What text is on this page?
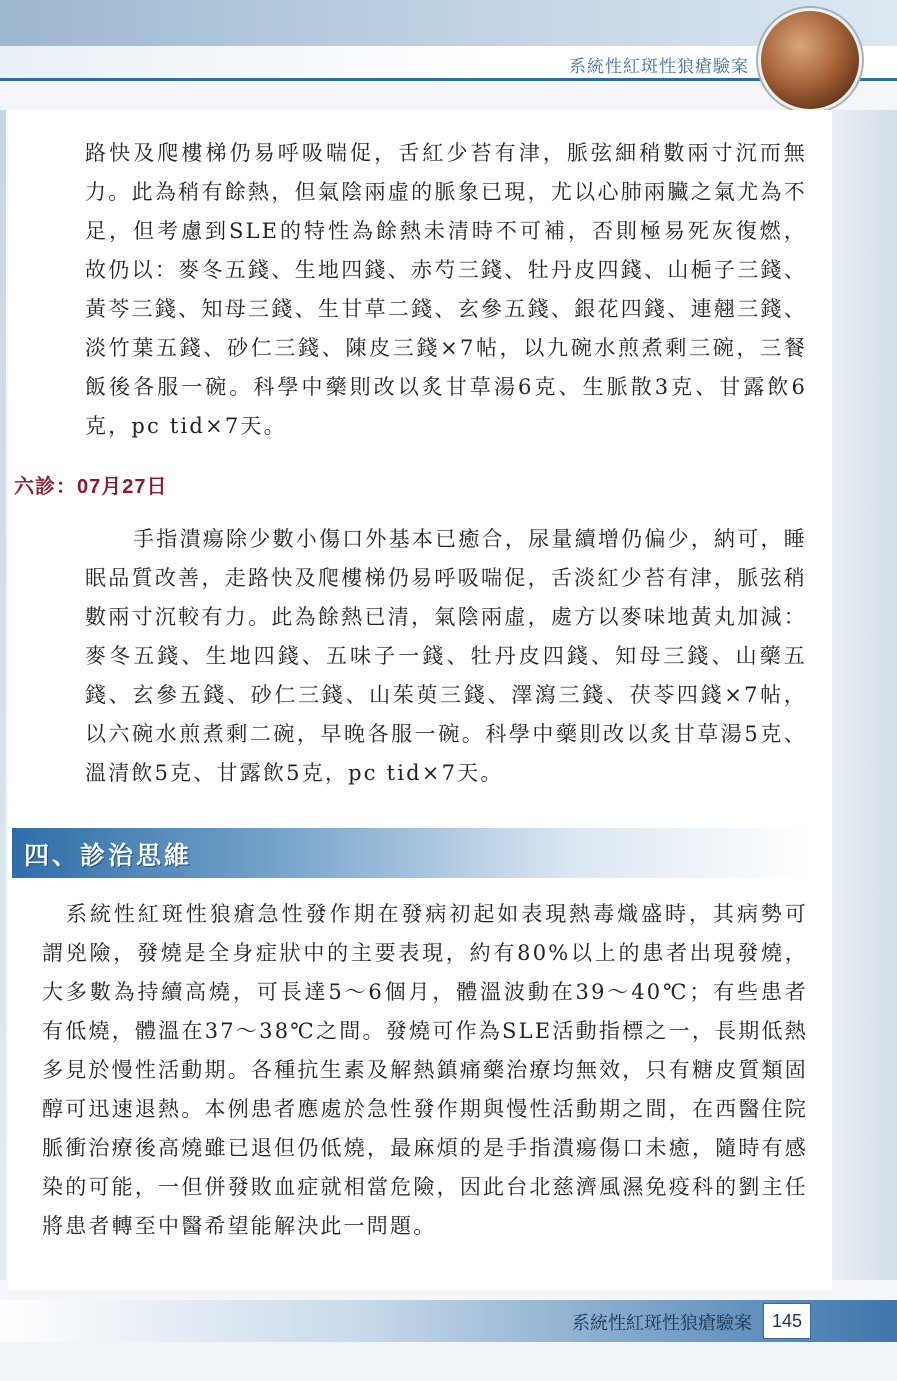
系統性紅斑性狼瘡驗案

路快及爬樓梯仍易呼吸喘促，舌紅少苔有津，脈弦細稍數兩寸沉而無力。此為稍有餘熱，但氣陰兩虛的脈象已現，尤以心肺兩臟之氣尤為不足，但考慮到SLE的特性為餘熱未清時不可補，否則極易死灰復燃，故仍以：麥冬五錢、生地四錢、赤芍三錢、牡丹皮四錢、山梔子三錢、黃芩三錢、知母三錢、生甘草二錢、玄參五錢、銀花四錢、連翹三錢、淡竹葉五錢、砂仁三錢、陳皮三錢×7帖，以九碗水煎煮剩三碗，三餐飯後各服一碗。科學中藥則改以炙甘草湯6克、生脈散3克、甘露飲6克，pc tid×7天。

六診：07月27日

手指潰瘍除少數小傷口外基本已癒合，尿量續增仍偏少，納可，睡眠品質改善，走路快及爬樓梯仍易呼吸喘促，舌淡紅少苔有津，脈弦稍數兩寸沉較有力。此為餘熱已清，氣陰兩虛，處方以麥味地黃丸加減：麥冬五錢、生地四錢、五味子一錢、牡丹皮四錢、知母三錢、山藥五錢、玄參五錢、砂仁三錢、山茱萸三錢、澤瀉三錢、茯苓四錢×7帖，以六碗水煎煮剩二碗，早晚各服一碗。科學中藥則改以炙甘草湯5克、溫清飲5克、甘露飲5克，pc tid×7天。

四、診治思維

系統性紅斑性狼瘡急性發作期在發病初起如表現熱毒熾盛時，其病勢可謂兇險，發燒是全身症狀中的主要表現，約有80%以上的患者出現發燒，大多數為持續高燒，可長達5～6個月，體溫波動在39～40℃；有些患者有低燒，體溫在37～38℃之間。發燒可作為SLE活動指標之一，長期低熱多見於慢性活動期。各種抗生素及解熱鎮痛藥治療均無效，只有糖皮質類固醇可迅速退熱。本例患者應處於急性發作期與慢性活動期之間，在西醫住院脈衝治療後高燒雖已退但仍低燒，最麻煩的是手指潰瘍傷口未癒，隨時有感染的可能，一但併發敗血症就相當危險，因此台北慈濟風濕免疫科的劉主任將患者轉至中醫希望能解決此一問題。

系統性紅斑性狼瘡驗案	145
